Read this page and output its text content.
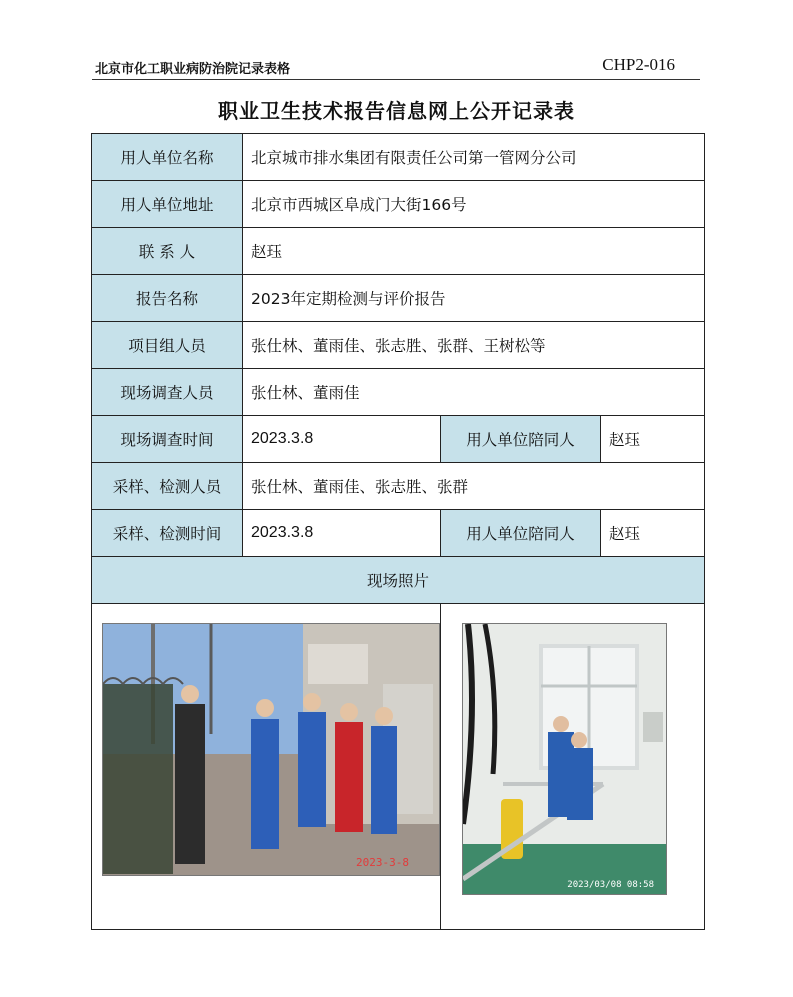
北京市化工职业病防治院记录表格	CHP2-016
职业卫生技术报告信息网上公开记录表
用人单位名称	北京城市排水集团有限责任公司第一管网分公司		
用人单位地址	北京市西城区阜成门大街166号		
联 系 人	赵珏		
报告名称	2023年定期检测与评价报告		
项目组人员	张仕林、董雨佳、张志胜、张群、王树松等		
现场调查人员	张仕林、董雨佳		
现场调查时间	2023.3.8	用人单位陪同人	赵珏
采样、检测人员	张仕林、董雨佳、张志胜、张群		
采样、检测时间	2023.3.8	用人单位陪同人	赵珏
现场照片			

2023-3-8		2023/03/08 08:58	
